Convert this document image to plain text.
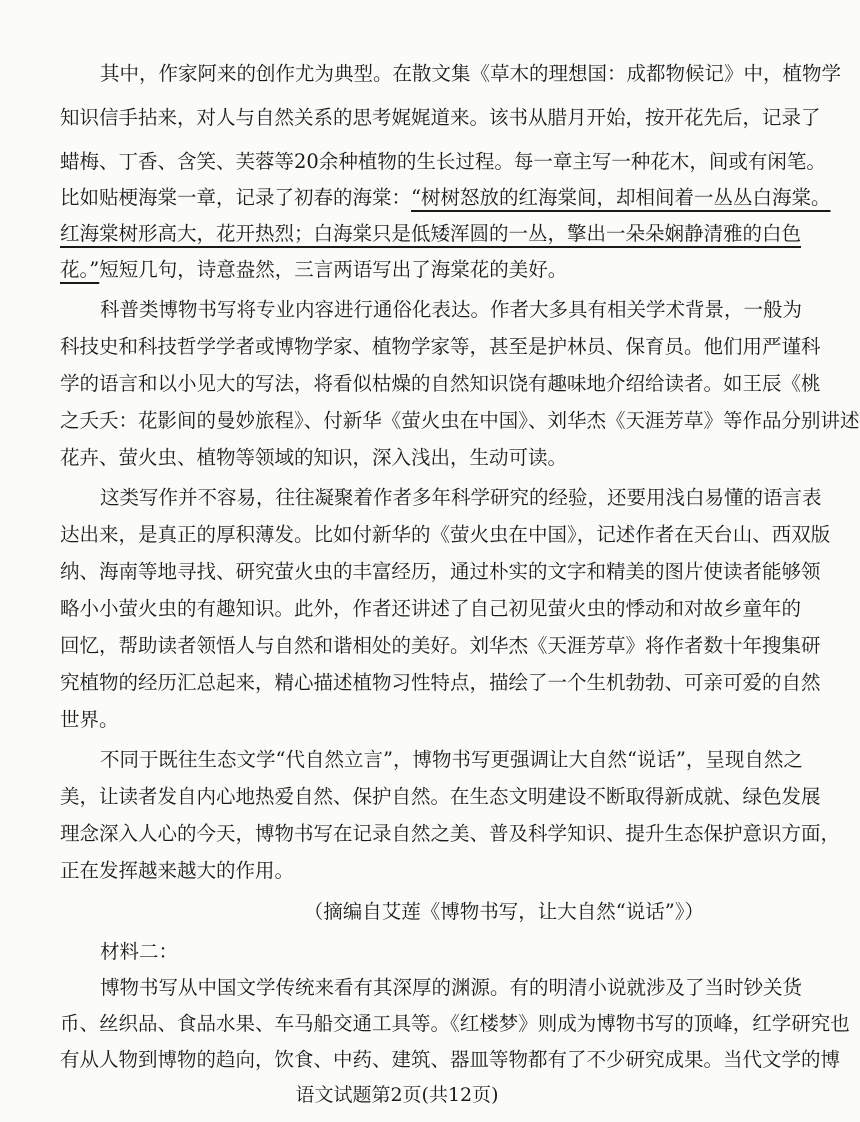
其中，作家阿来的创作尤为典型。在散文集《草木的理想国：成都物候记》中，植物学
知识信手拈来，对人与自然关系的思考娓娓道来。该书从腊月开始，按开花先后，记录了
蜡梅、丁香、含笑、芙蓉等20余种植物的生长过程。每一章主写一种花木，间或有闲笔。
比如贴梗海棠一章，记录了初春的海棠：“树树怒放的红海棠间，却相间着一丛丛白海棠。
红海棠树形高大，花开热烈；白海棠只是低矮浑圆的一丛，擎出一朵朵娴静清雅的白色
花。”短短几句，诗意盎然，三言两语写出了海棠花的美好。
科普类博物书写将专业内容进行通俗化表达。作者大多具有相关学术背景，一般为
科技史和科技哲学学者或博物学家、植物学家等，甚至是护林员、保育员。他们用严谨科
学的语言和以小见大的写法，将看似枯燥的自然知识饶有趣味地介绍给读者。如王辰《桃
之夭夭：花影间的曼妙旅程》、付新华《萤火虫在中国》、刘华杰《天涯芳草》等作品分别讲述
花卉、萤火虫、植物等领域的知识，深入浅出，生动可读。
这类写作并不容易，往往凝聚着作者多年科学研究的经验，还要用浅白易懂的语言表
达出来，是真正的厚积薄发。比如付新华的《萤火虫在中国》，记述作者在天台山、西双版
纳、海南等地寻找、研究萤火虫的丰富经历，通过朴实的文字和精美的图片使读者能够领
略小小萤火虫的有趣知识。此外，作者还讲述了自己初见萤火虫的悸动和对故乡童年的
回忆，帮助读者领悟人与自然和谐相处的美好。刘华杰《天涯芳草》将作者数十年搜集研
究植物的经历汇总起来，精心描述植物习性特点，描绘了一个生机勃勃、可亲可爱的自然
世界。
不同于既往生态文学“代自然立言”，博物书写更强调让大自然“说话”，呈现自然之
美，让读者发自内心地热爱自然、保护自然。在生态文明建设不断取得新成就、绿色发展
理念深入人心的今天，博物书写在记录自然之美、普及科学知识、提升生态保护意识方面，
正在发挥越来越大的作用。
（摘编自艾莲《博物书写，让大自然“说话”》）
材料二：
博物书写从中国文学传统来看有其深厚的渊源。有的明清小说就涉及了当时钞关货
币、丝织品、食品水果、车马船交通工具等。《红楼梦》则成为博物书写的顶峰，红学研究也
有从人物到博物的趋向，饮食、中药、建筑、器皿等物都有了不少研究成果。当代文学的博
语文试题第2页(共12页)
